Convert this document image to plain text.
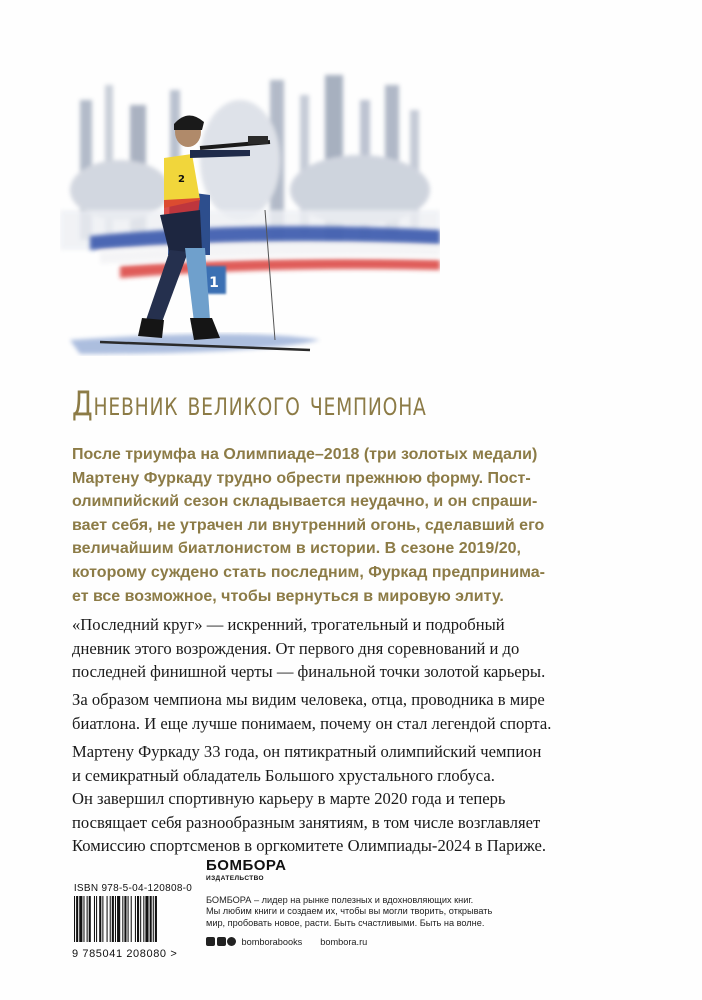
1
2
Дневник великого чемпиона
После триумфа на Олимпиаде–2018 (три золотых медали)
Мартену Фуркаду трудно обрести прежнюю форму. Пост-
олимпийский сезон складывается неудачно, и он спраши-
вает себя, не утрачен ли внутренний огонь, сделавший его
величайшим биатлонистом в истории. В сезоне 2019/20,
которому суждено стать последним, Фуркад предпринима-
ет все возможное, чтобы вернуться в мировую элиту.
«Последний круг» — искренний, трогательный и подробный
дневник этого возрождения. От первого дня соревнований и до
последней финишной черты — финальной точки золотой карьеры.
За образом чемпиона мы видим человека, отца, проводника в мире
биатлона. И еще лучше понимаем, почему он стал легендой спорта.
Мартену Фуркаду 33 года, он пятикратный олимпийский чемпион
и семикратный обладатель Большого хрустального глобуса.
Он завершил спортивную карьеру в марте 2020 года и теперь
посвящает себя разнообразным занятиям, в том числе возглавляет
Комиссию спортсменов в оргкомитете Олимпиады-2024 в Париже.
ISBN 978-5-04-120808-0
9 785041 208080 >
БОМБОРА
ИЗДАТЕЛЬСТВО
БОМБОРА – лидер на рынке полезных и вдохновляющих книг.
Мы любим книги и создаем их, чтобы вы могли творить, открывать
мир, пробовать новое, расти. Быть счастливыми. Быть на волне.
bomborabooks bombora.ru
